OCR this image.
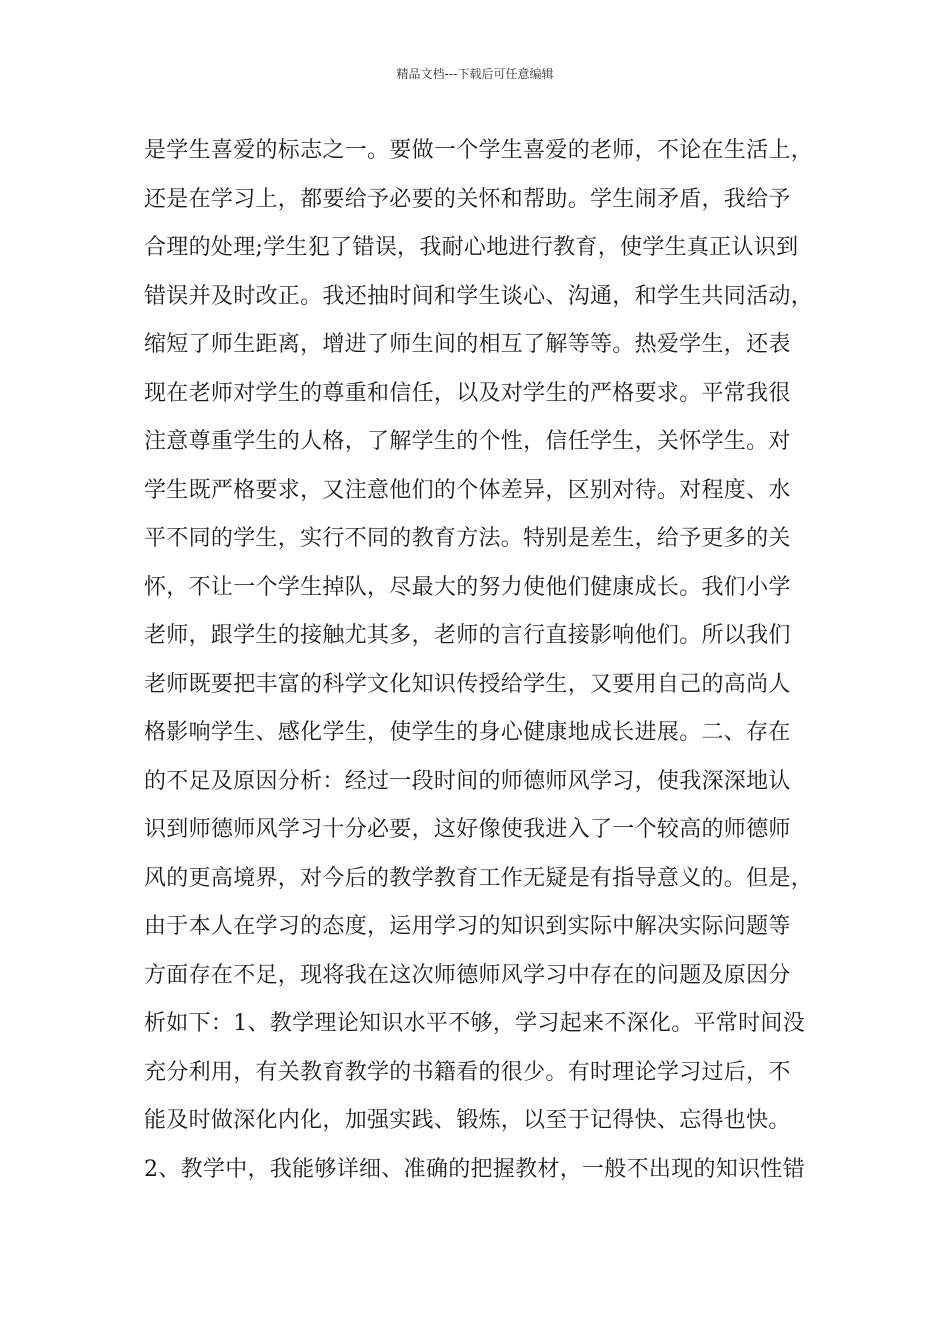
精品文档---下载后可任意编辑
是学生喜爱的标志之一。要做一个学生喜爱的老师，不论在生活上，
还是在学习上，都要给予必要的关怀和帮助。学生闹矛盾，我给予
合理的处理;学生犯了错误，我耐心地进行教育，使学生真正认识到
错误并及时改正。我还抽时间和学生谈心、沟通，和学生共同活动，
缩短了师生距离，增进了师生间的相互了解等等。热爱学生，还表
现在老师对学生的尊重和信任，以及对学生的严格要求。平常我很
注意尊重学生的人格，了解学生的个性，信任学生，关怀学生。对
学生既严格要求，又注意他们的个体差异，区别对待。对程度、水
平不同的学生，实行不同的教育方法。特别是差生，给予更多的关
怀，不让一个学生掉队，尽最大的努力使他们健康成长。我们小学
老师，跟学生的接触尤其多，老师的言行直接影响他们。所以我们
老师既要把丰富的科学文化知识传授给学生，又要用自己的高尚人
格影响学生、感化学生，使学生的身心健康地成长进展。二、存在
的不足及原因分析：经过一段时间的师德师风学习，使我深深地认
识到师德师风学习十分必要，这好像使我进入了一个较高的师德师
风的更高境界，对今后的教学教育工作无疑是有指导意义的。但是，
由于本人在学习的态度，运用学习的知识到实际中解决实际问题等
方面存在不足，现将我在这次师德师风学习中存在的问题及原因分
析如下：1、教学理论知识水平不够，学习起来不深化。平常时间没
充分利用，有关教育教学的书籍看的很少。有时理论学习过后，不
能及时做深化内化，加强实践、锻炼，以至于记得快、忘得也快。
2、教学中，我能够详细、准确的把握教材，一般不出现的知识性错
